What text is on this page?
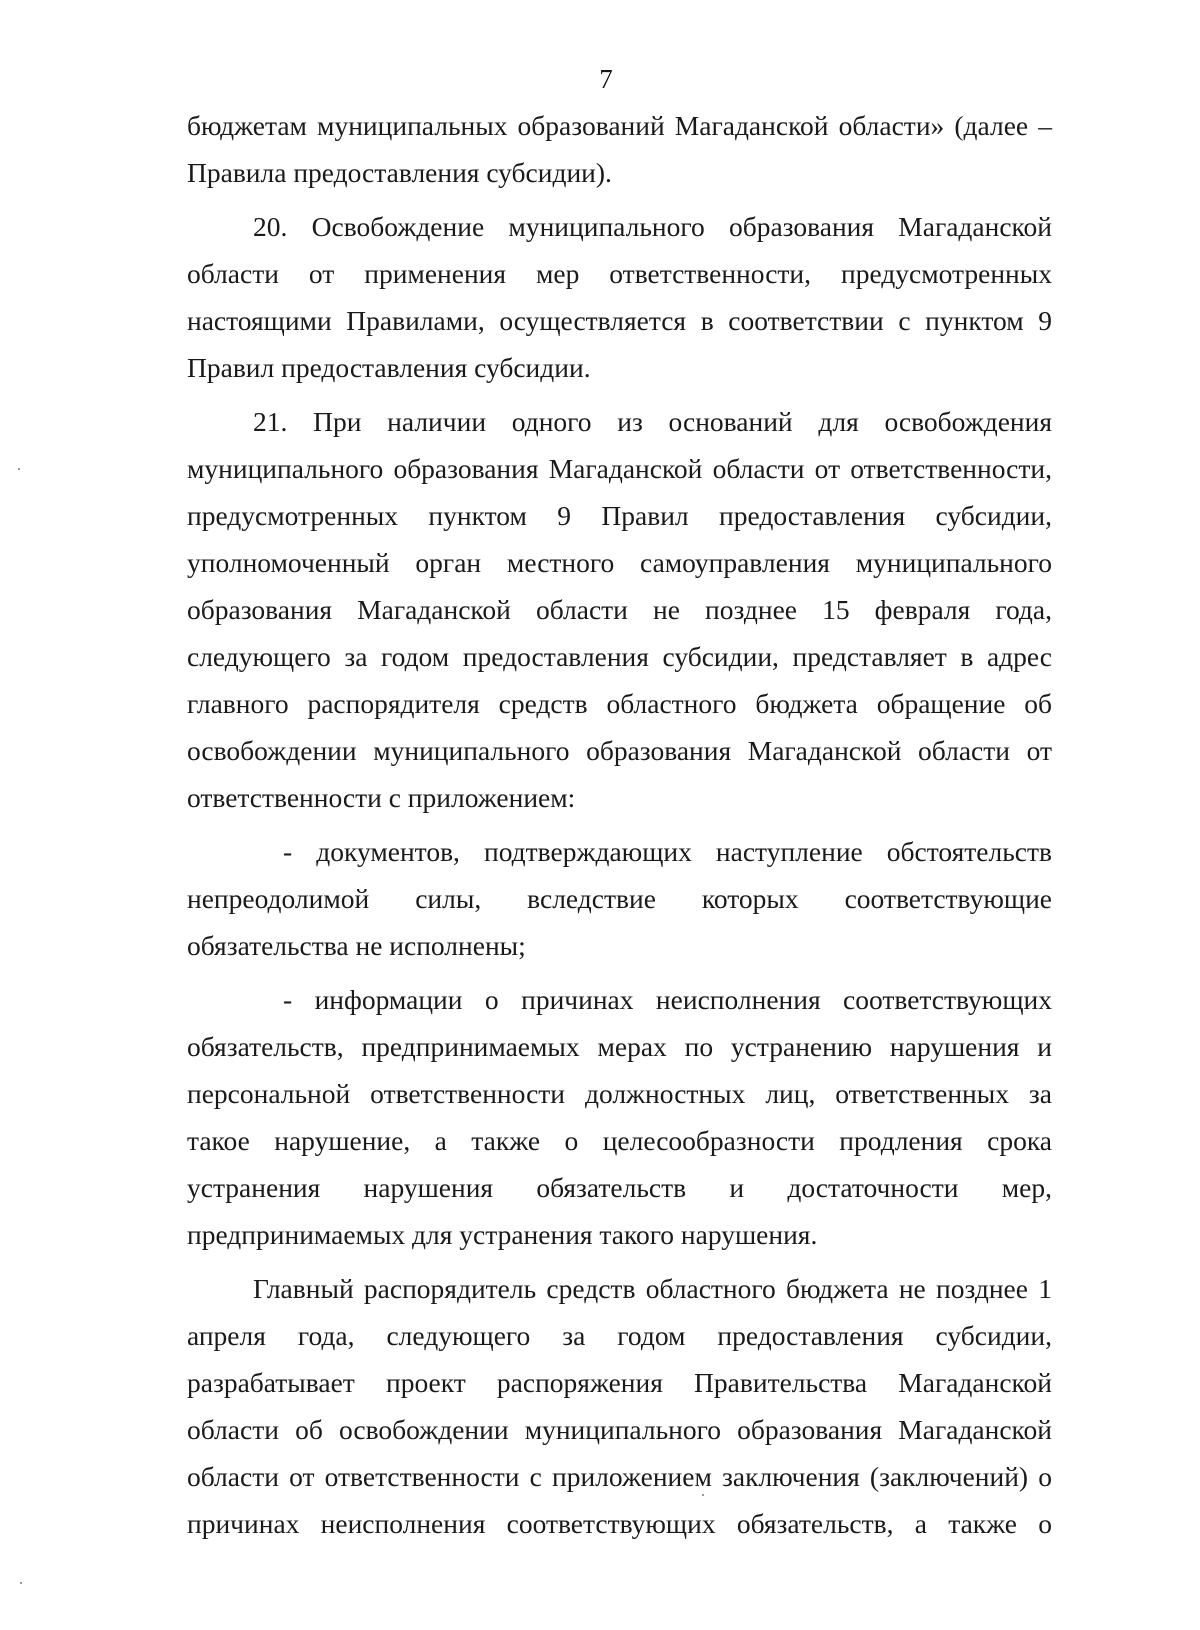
7

бюджетам муниципальных образований Магаданской области» (далее – Правила предоставления субсидии).

20. Освобождение муниципального образования Магаданской области от применения мер ответственности, предусмотренных настоящими Правилами, осуществляется в соответствии с пунктом 9 Правил предоставления субсидии.

21. При наличии одного из оснований для освобождения муниципального образования Магаданской области от ответственности, предусмотренных пунктом 9 Правил предоставления субсидии, уполномоченный орган местного самоуправления муниципального образования Магаданской области не позднее 15 февраля года, следующего за годом предоставления субсидии, представляет в адрес главного распорядителя средств областного бюджета обращение об освобождении муниципального образования Магаданской области от ответственности с приложением:

- документов, подтверждающих наступление обстоятельств непреодолимой силы, вследствие которых соответствующие обязательства не исполнены;

- информации о причинах неисполнения соответствующих обязательств, предпринимаемых мерах по устранению нарушения и персональной ответственности должностных лиц, ответственных за такое нарушение, а также о целесообразности продления срока устранения нарушения обязательств и достаточности мер, предпринимаемых для устранения такого нарушения.

Главный распорядитель средств областного бюджета не позднее 1 апреля года, следующего за годом предоставления субсидии, разрабатывает проект распоряжения Правительства Магаданской области об освобождении муниципального образования Магаданской области от ответственности с приложением заключения (заключений) о причинах неисполнения соответствующих обязательств, а также о
